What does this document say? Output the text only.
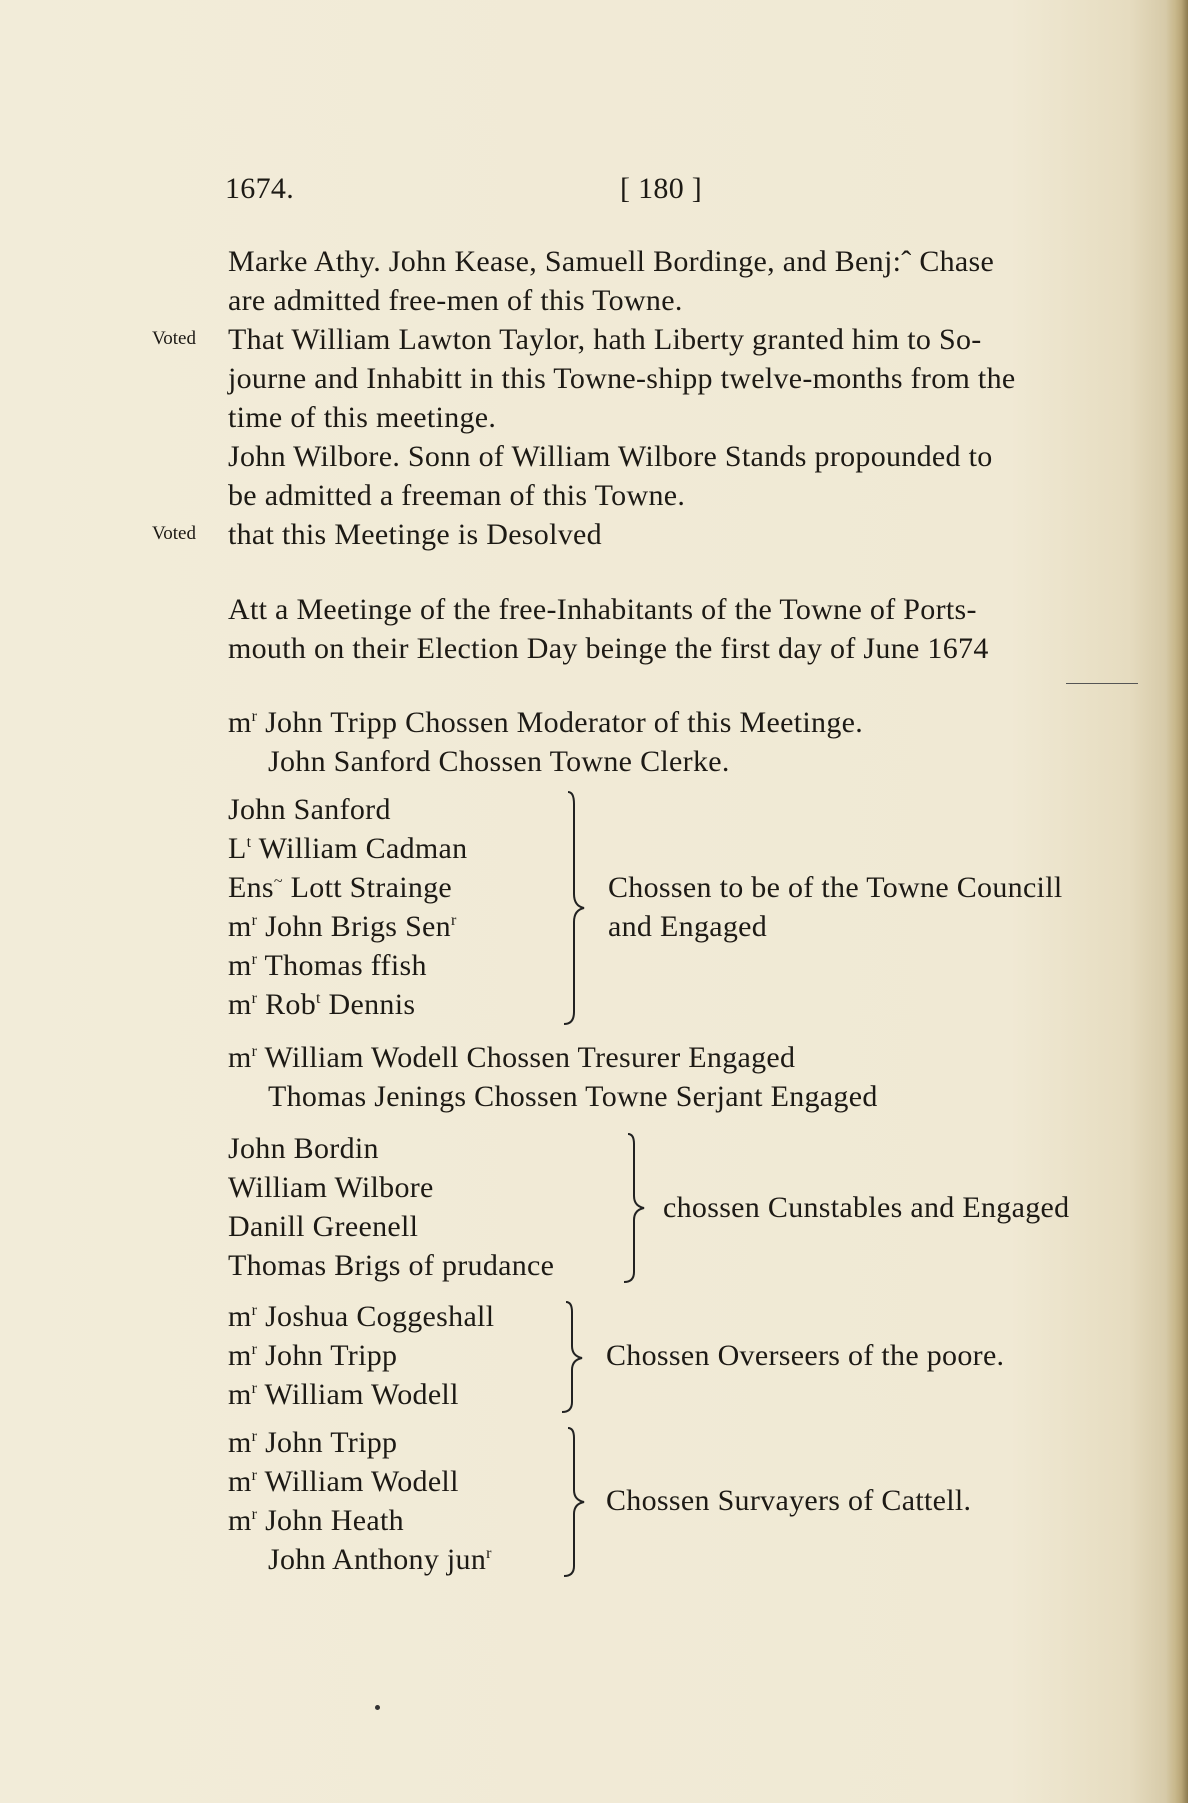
1674.	[ 180 ]
Marke Athy. John Kease, Samuell Bordinge, and Benj:ˆ Chase
are admitted free-men of this Towne.
Voted That William Lawton Taylor, hath Liberty granted him to So-
journe and Inhabitt in this Towne-shipp twelve-months from the
time of this meetinge.
John Wilbore. Sonn of William Wilbore Stands propounded to
be admitted a freeman of this Towne.
Voted that this Meetinge is Desolved
Att a Meetinge of the free-Inhabitants of the Towne of Ports-
mouth on their Election Day beinge the first day of June 1674
$m^r$ John Tripp Chossen Moderator of this Meetinge.
John Sanford Chossen Towne Clerke.
John Sanford
$L^t$ William Cadman
Ens~ Lott Strainge
$m^r$ John Brigs Sen$^r$
$m^r$ Thomas ffish
$m^r$ Rob$^t$ Dennis
Chossen to be of the Towne Councill
and Engaged
$m^r$ William Wodell Chossen Tresurer Engaged
Thomas Jenings Chossen Towne Serjant Engaged
John Bordin
William Wilbore
Danill Greenell
Thomas Brigs of prudance
chossen Cunstables and Engaged
$m^r$ Joshua Coggeshall
$m^r$ John Tripp
$m^r$ William Wodell
Chossen Overseers of the poore.
$m^r$ John Tripp
$m^r$ William Wodell
$m^r$ John Heath
John Anthony jun$^r$
Chossen Survayers of Cattell.
